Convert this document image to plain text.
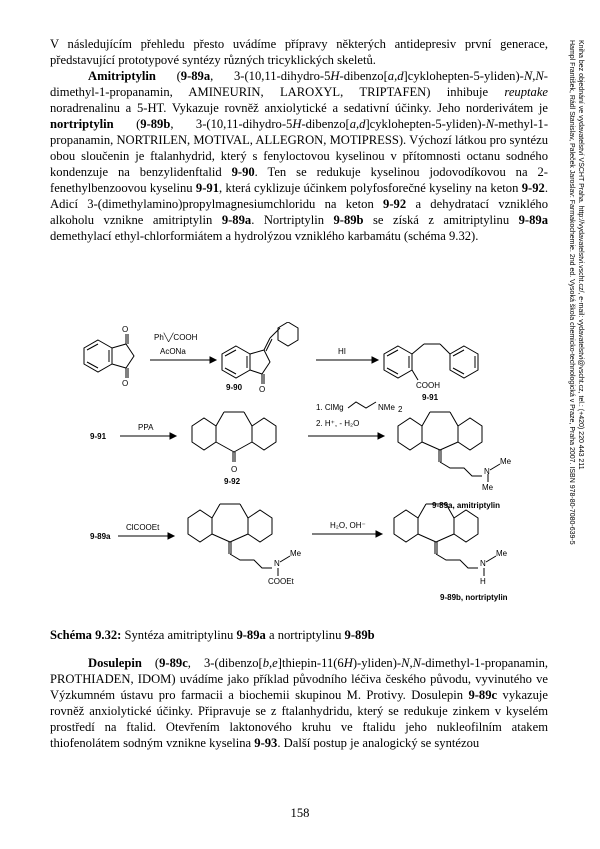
V následujícím přehledu přesto uvádíme přípravy některých antidepresiv první generace, představující prototypové syntézy různých tricyklických skeletů.

Amitriptylin (9-89a, 3-(10,11-dihydro-5H-dibenzo[a,d]cyklohepten-5-yliden)-N,N-dimethyl-1-propanamin, AMINEURIN, LAROXYL, TRIPTAFEN) inhibuje reuptake noradrenalinu a 5-HT. Vykazuje rovněž anxiolytické a sedativní účinky. Jeho norderivátem je nortriptylin (9-89b, 3-(10,11-dihydro-5H-dibenzo[a,d]cyklohepten-5-yliden)-N-methyl-1-propanamin, NORTRILEN, MOTIVAL, ALLEGRON, MOTIPRESS). Výchozí látkou pro syntézu obou sloučenin je ftalanhydrid, který s fenyloctovou kyselinou v přítomnosti octanu sodného kondenzuje na benzylidenftalid 9-90. Ten se redukuje kyselinou jodovodíkovou na 2-fenethylbenzoovou kyselinu 9-91, která cyklizuje účinkem polyfosforečné kyseliny na keton 9-92. Adicí 3-(dimethylamino)propylmagnesiumchloridu na keton 9-92 a dehydratací vzniklého alkoholu vznikne amitriptylin 9-89a. Nortriptylin 9-89b se získá z amitriptylinu 9-89a demethylací ethyl-chlorformiátem a hydrolýzou vzniklého karbamátu (schéma 9.32).

O
O
Ph╲╱COOH
AcONa
O
9-90
HI
COOH
9-91
9-91
PPA
O
9-92
1. ClMg	NMe 2
2. H⁺, - H₂O
N
Me
Me
9-89a, amitriptylin
9-89a
ClCOOEt	H₂O, OH⁻
N
Me
COOEt
N
Me
H
9-89b, nortriptylin
Schéma 9.32: Syntéza amitriptylinu 9-89a a nortriptylinu 9-89b

Dosulepin (9-89c, 3-(dibenzo[b,e]thiepin-11(6H)-yliden)-N,N-dimethyl-1-propanamin, PROTHIADEN, IDOM) uvádíme jako příklad původního léčiva českého původu, vyvinutého ve Výzkumném ústavu pro farmacii a biochemii skupinou M. Protivy. Dosulepin 9-89c vykazuje rovněž anxiolytické účinky. Připravuje se z ftalanhydridu, který se redukuje zinkem v kyselém prostředí na ftalid. Otevřením laktonového kruhu ve ftalidu jeho nukleofilním atakem thiofenolátem sodným vznikne kyselina 9-93. Další postup je analogický se syntézou

158
Hampl František, Rádl Stanislav, Paleček Jaroslav: Farmakochemie. 2nd ed. Vysoká škola chemicko-technologická v Praze, Praha 2007. ISBN 978-80-7080-639-5 Kniha bez objednání ve vydavatelství VŠCHT Praha. http://vydavatelstvi.vscht.cz/, e-mail: vydavatelstvi@vscht.cz, tel.: (+420) 220 443 211
